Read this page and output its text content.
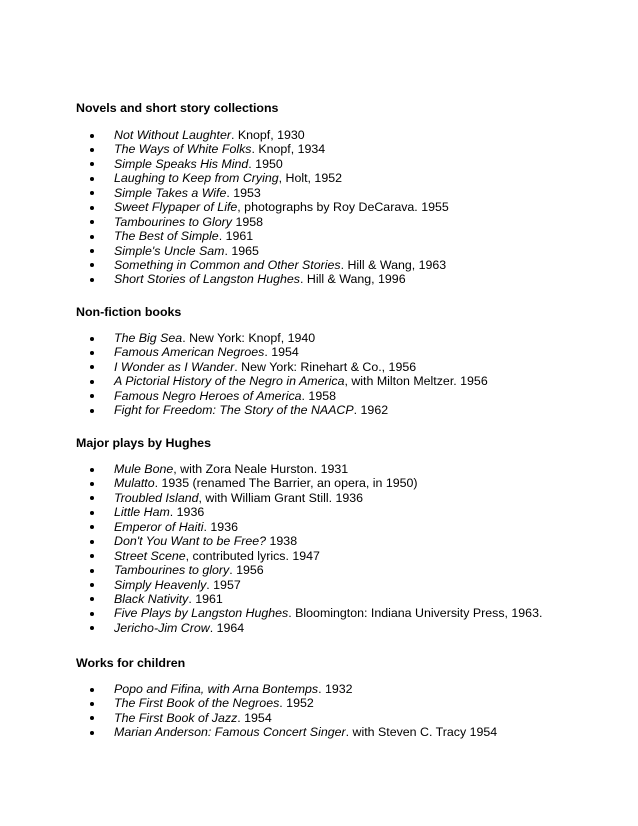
Novels and short story collections
Not Without Laughter. Knopf, 1930
The Ways of White Folks. Knopf, 1934
Simple Speaks His Mind. 1950
Laughing to Keep from Crying, Holt, 1952
Simple Takes a Wife. 1953
Sweet Flypaper of Life, photographs by Roy DeCarava. 1955
Tambourines to Glory 1958
The Best of Simple. 1961
Simple's Uncle Sam. 1965
Something in Common and Other Stories. Hill & Wang, 1963
Short Stories of Langston Hughes. Hill & Wang, 1996
Non-fiction books
The Big Sea. New York: Knopf, 1940
Famous American Negroes. 1954
I Wonder as I Wander. New York: Rinehart & Co., 1956
A Pictorial History of the Negro in America, with Milton Meltzer. 1956
Famous Negro Heroes of America. 1958
Fight for Freedom: The Story of the NAACP. 1962
Major plays by Hughes
Mule Bone, with Zora Neale Hurston. 1931
Mulatto. 1935 (renamed The Barrier, an opera, in 1950)
Troubled Island, with William Grant Still. 1936
Little Ham. 1936
Emperor of Haiti. 1936
Don't You Want to be Free? 1938
Street Scene, contributed lyrics. 1947
Tambourines to glory. 1956
Simply Heavenly. 1957
Black Nativity. 1961
Five Plays by Langston Hughes. Bloomington: Indiana University Press, 1963.
Jericho-Jim Crow. 1964
Works for children
Popo and Fifina, with Arna Bontemps. 1932
The First Book of the Negroes. 1952
The First Book of Jazz. 1954
Marian Anderson: Famous Concert Singer. with Steven C. Tracy 1954
